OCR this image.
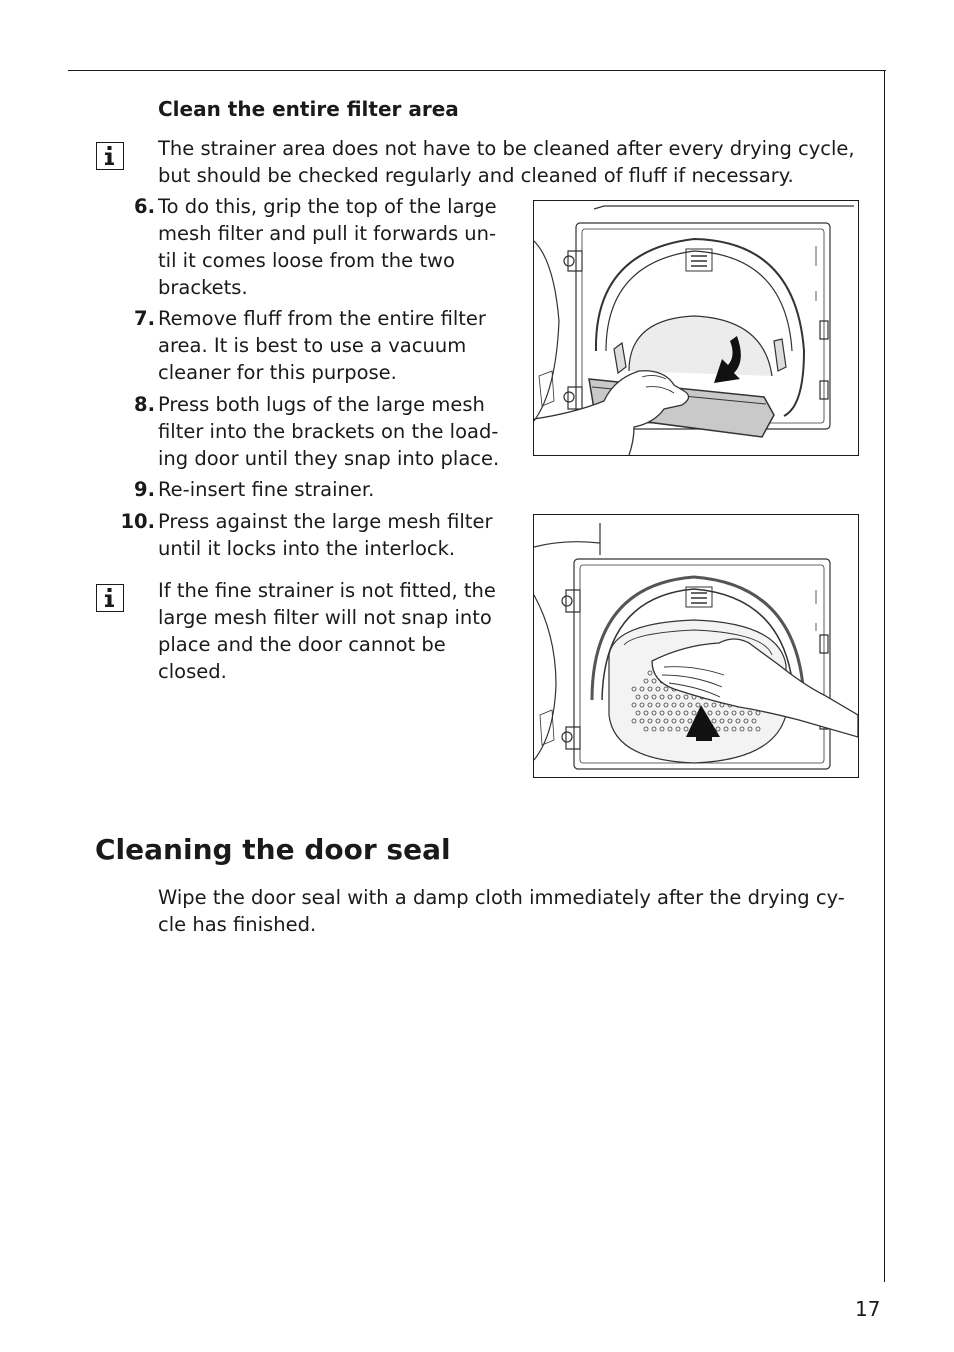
Clean the entire filter area
The strainer area does not have to be cleaned after every drying cycle,
but should be checked regularly and cleaned of fluff if necessary.
6. To do this, grip the top of the large
mesh filter and pull it forwards un-
til it comes loose from the two
brackets.
7. Remove fluff from the entire filter
area. It is best to use a vacuum
cleaner for this purpose.
8. Press both lugs of the large mesh
filter into the brackets on the load-
ing door until they snap into place.
9. Re-insert fine strainer.
10. Press against the large mesh filter
until it locks into the interlock.
If the fine strainer is not fitted, the
large mesh filter will not snap into
place and the door cannot be
closed.
Cleaning the door seal
Wipe the door seal with a damp cloth immediately after the drying cy-
cle has finished.
17
